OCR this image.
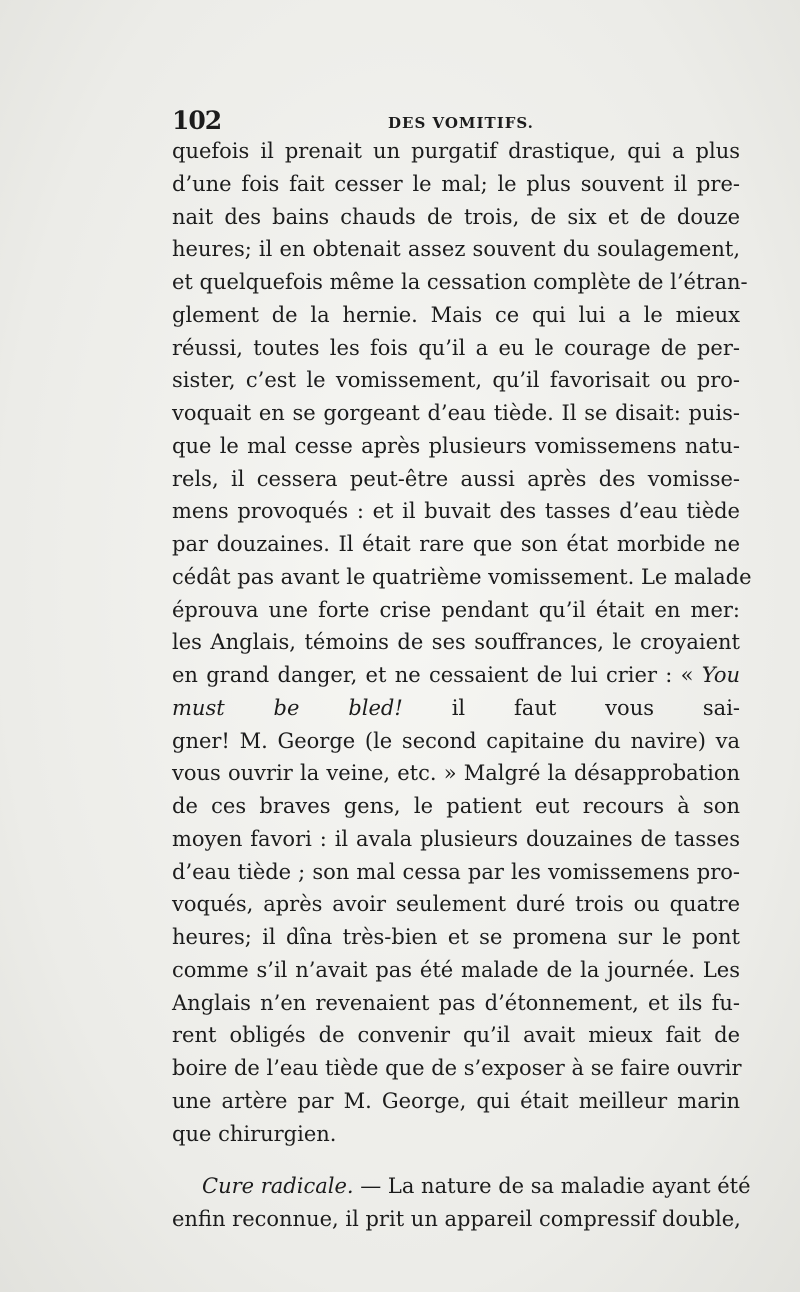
102	DES VOMITIFS.
quefois il prenait un purgatif drastique, qui a plus
d’une fois fait cesser le mal; le plus souvent il pre-
nait des bains chauds de trois, de six et de douze
heures; il en obtenait assez souvent du soulagement,
et quelquefois même la cessation complète de l’étran-
glement de la hernie. Mais ce qui lui a le mieux
réussi, toutes les fois qu’il a eu le courage de per-
sister, c’est le vomissement, qu’il favorisait ou pro-
voquait en se gorgeant d’eau tiède. Il se disait: puis-
que le mal cesse après plusieurs vomissemens natu-
rels, il cessera peut-être aussi après des vomisse-
mens provoqués : et il buvait des tasses d’eau tiède
par douzaines. Il était rare que son état morbide ne
cédât pas avant le quatrième vomissement. Le malade
éprouva une forte crise pendant qu’il était en mer:
les Anglais, témoins de ses souffrances, le croyaient
en grand danger, et ne cessaient de lui crier : « You
must be bled! il faut vous sai-
gner! M. George (le second capitaine du navire) va
vous ouvrir la veine, etc. » Malgré la désapprobation
de ces braves gens, le patient eut recours à son
moyen favori : il avala plusieurs douzaines de tasses
d’eau tiède ; son mal cessa par les vomissemens pro-
voqués, après avoir seulement duré trois ou quatre
heures; il dîna très-bien et se promena sur le pont
comme s’il n’avait pas été malade de la journée. Les
Anglais n’en revenaient pas d’étonnement, et ils fu-
rent obligés de convenir qu’il avait mieux fait de
boire de l’eau tiède que de s’exposer à se faire ouvrir
une artère par M. George, qui était meilleur marin
que chirurgien.
Cure radicale. — La nature de sa maladie ayant été
enfin reconnue, il prit un appareil compressif double,
